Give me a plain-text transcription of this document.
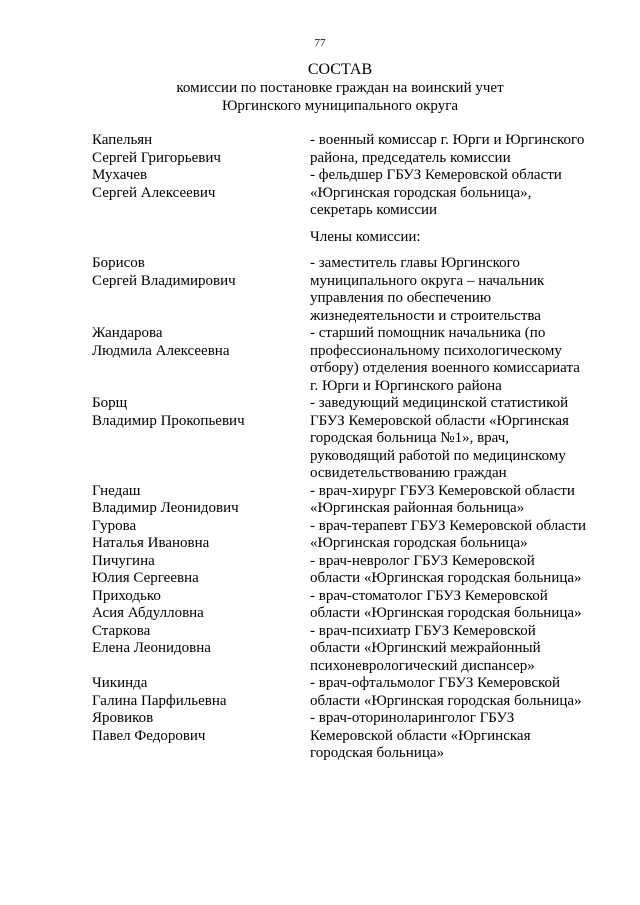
77
СОСТАВ
комиссии по постановке граждан на воинский учет
Юргинского муниципального округа
Капельян
Сергей Григорьевич
- военный комиссар г. Юрги и Юргинского
района, председатель комиссии
Мухачев
Сергей Алексеевич
- фельдшер ГБУЗ Кемеровской области
«Юргинская городская больница»,
секретарь комиссии
Члены комиссии:
Борисов
Сергей Владимирович
- заместитель главы Юргинского
муниципального округа – начальник
управления по обеспечению
жизнедеятельности и строительства
Жандарова
Людмила Алексеевна
- старший помощник начальника (по
профессиональному психологическому
отбору) отделения военного комиссариата
г. Юрги и Юргинского района
Борщ
Владимир Прокопьевич
- заведующий медицинской статистикой
ГБУЗ Кемеровской области «Юргинская
городская больница №1», врач,
руководящий работой по медицинскому
освидетельствованию граждан
Гнедаш
Владимир Леонидович
- врач-хирург ГБУЗ Кемеровской области
«Юргинская районная больница»
Гурова
Наталья Ивановна
- врач-терапевт ГБУЗ Кемеровской области
«Юргинская городская больница»
Пичугина
Юлия Сергеевна
- врач-невролог ГБУЗ Кемеровской
области «Юргинская городская больница»
Приходько
Асия Абдулловна
- врач-стоматолог ГБУЗ Кемеровской
области «Юргинская городская больница»
Старкова
Елена Леонидовна
- врач-психиатр ГБУЗ Кемеровской
области «Юргинский межрайонный
психоневрологический диспансер»
Чикинда
Галина Парфильевна
- врач-офтальмолог ГБУЗ Кемеровской
области «Юргинская городская больница»
Яровиков
Павел Федорович
- врач-оториноларинголог ГБУЗ
Кемеровской области «Юргинская
городская больница»
